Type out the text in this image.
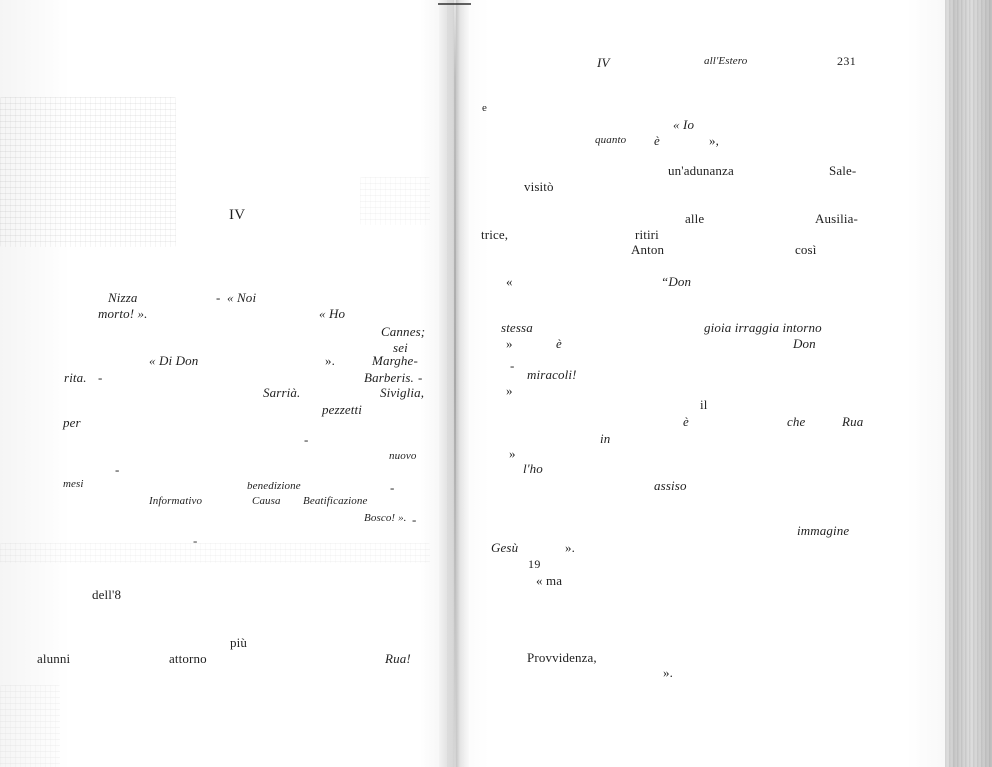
IV
Nizza	- « Noi
morto! ».	« Ho
Cannes;
sei
« Di Don	».	Marghe-
rita. -	Barberis. -
Sarrià.	Siviglia,
pezzetti
per
-
nuovo
-
mesi	benedizione	-
Informativo	Causa Beatificazione
Bosco! ». -
-
dell'8
più
alunni	attorno	Rua!
IV	all'Estero	231
e
« Io
quanto è	»,
un'adunanza	Sale-
visitò
alle	Ausilia-
trice,	ritiri
Anton	così
«	“Don
stessa	gioia irraggia intorno
»	è	Don
-
miracoli!
»
il
è	che	Rua
in
»
l'ho
assiso
immagine
Gesù	».
19
« ma
Provvidenza,
».
